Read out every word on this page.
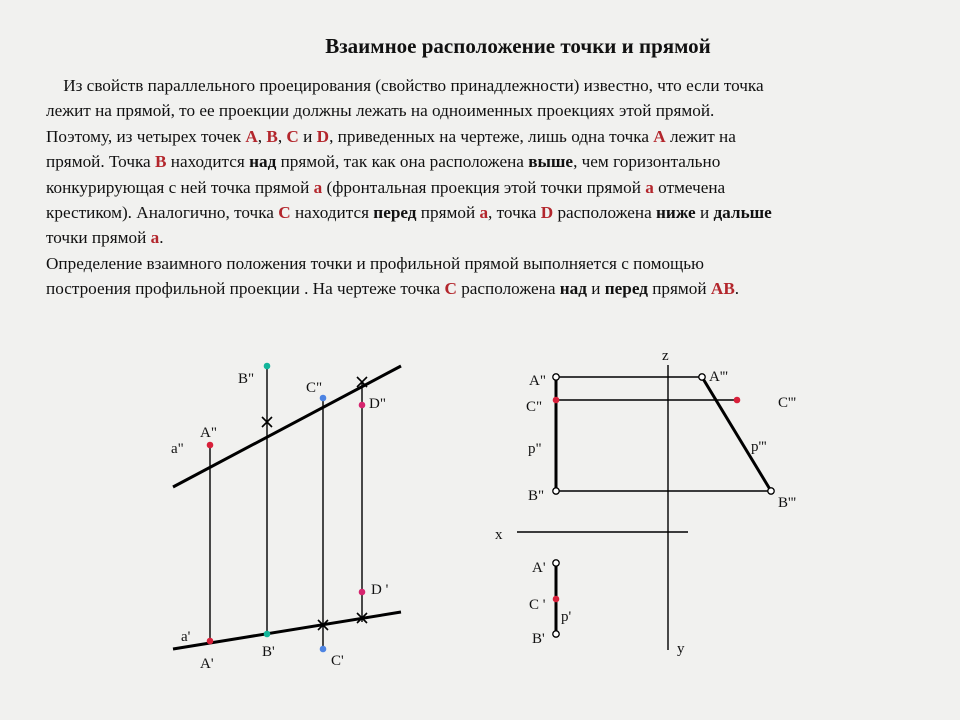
Взаимное расположение точки и прямой

Из свойств параллельного проецирования (свойство принадлежности) известно, что если точка
лежит на прямой, то ее проекции должны лежать на одноименных проекциях этой прямой.
Поэтому, из четырех точек А, В, С и D, приведенных на чертеже, лишь одна точка А лежит на
прямой. Точка В находится над прямой, так как она расположена выше, чем горизонтально
конкурирующая с ней точка прямой а (фронтальная проекция этой точки прямой а отмечена
крестиком). Аналогично, точка С находится перед прямой а, точка D расположена ниже и дальше
точки прямой а.
Определение взаимного положения точки и профильной прямой выполняется с помощью
построения профильной проекции . На чертеже точка С расположена над и перед прямой АВ.

a"
A"
B"
C"
D"
a'
A'
B'
C'
D '
z
x
y
A"
C"
p"
B"
A'''
C'''
p'''
B'''
A'
C '
p'
B'
